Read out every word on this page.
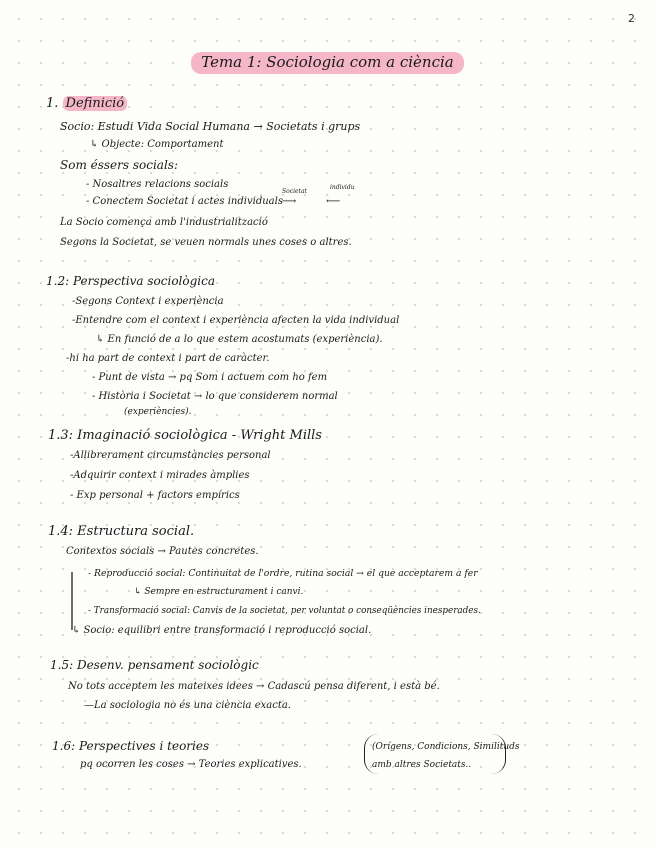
2
Tema 1: Sociologia com a ciència
1. Definició
Socio: Estudi Vida Social Humana → Societats i grups
↳ Objecte: Comportament
Som éssers socials:
- Nosaltres relacions socials
- Conectem Societat i actes individuals ⟶	⟵
Societat
individu
La Socio comença amb l'industrialització
Segons la Societat, se veuen normals unes coses o altres.
1.2: Perspectiva sociològica
-Segons Context i experiència
-Entendre com el context i experiència afecten la vida individual
↳ En funció de a lo que estem acostumats (experiència).
-hi ha part de context i part de caràcter.
- Punt de vista → pq Som i actuem com ho fem
- Història i Societat → lo que considerem normal
(experiències).
1.3: Imaginació sociològica - Wright Mills
-Allibrerament circumstàncies personal
-Adquirir context i mirades àmplies
- Exp personal + factors empírics
1.4: Estructura social.
Contextos socials → Pautes concretes.
- Reproducció social: Continuitat de l'ordre, rutina social → el que acceptarem a fer
↳ Sempre en estructurament i canvi.
- Transformació social: Canvis de la societat, per voluntat o conseqüències inesperades.
↳ Socio: equilibri entre transformació i reproducció social.
1.5: Desenv. pensament sociològic
No tots acceptem les mateixes idees → Cadascú pensa diferent, i està bé.
—La sociologia no és una ciència exacta.
1.6: Perspectives i teories
pq ocorren les coses → Teories explicatives.
(Orígens, Condicions, Similituds
amb altres Societats..
